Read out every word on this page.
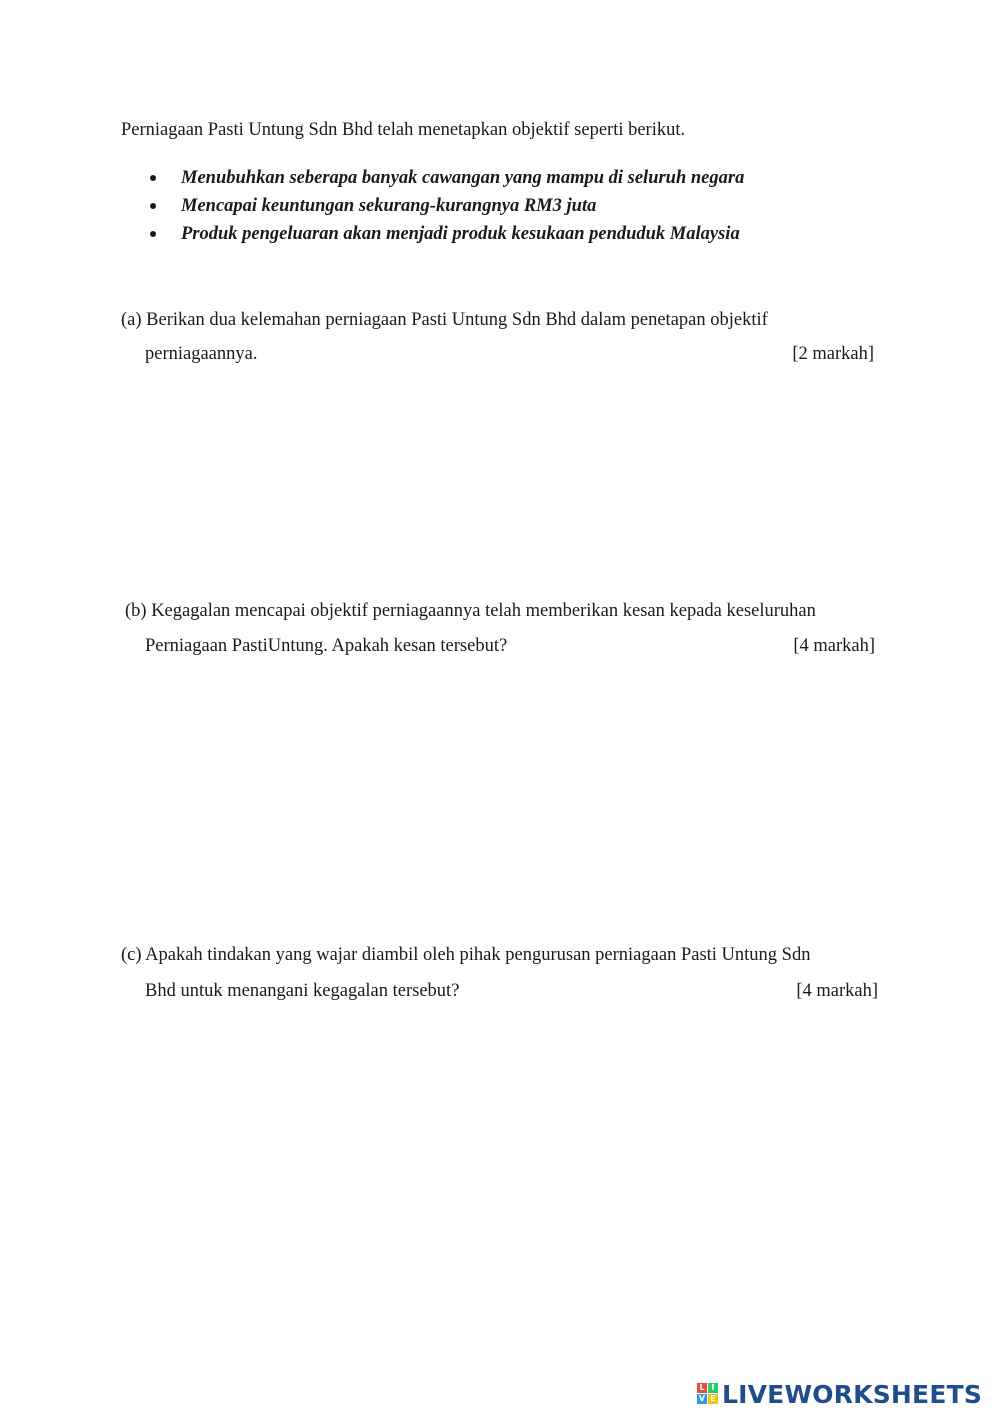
Perniagaan Pasti Untung Sdn Bhd telah menetapkan objektif seperti berikut.
Menubuhkan seberapa banyak cawangan yang mampu di seluruh negara
Mencapai keuntungan sekurang-kurangnya RM3 juta
Produk pengeluaran akan menjadi produk kesukaan penduduk Malaysia
(a) Berikan dua kelemahan perniagaan Pasti Untung Sdn Bhd dalam penetapan objektif
perniagaannya.	[2 markah]
(b) Kegagalan mencapai objektif perniagaannya telah memberikan kesan kepada keseluruhan
Perniagaan PastiUntung. Apakah kesan tersebut?	[4 markah]
(c) Apakah tindakan yang wajar diambil oleh pihak pengurusan perniagaan Pasti Untung Sdn
Bhd untuk menangani kegagalan tersebut?	[4 markah]
L I
V E LIVEWORKSHEETS
